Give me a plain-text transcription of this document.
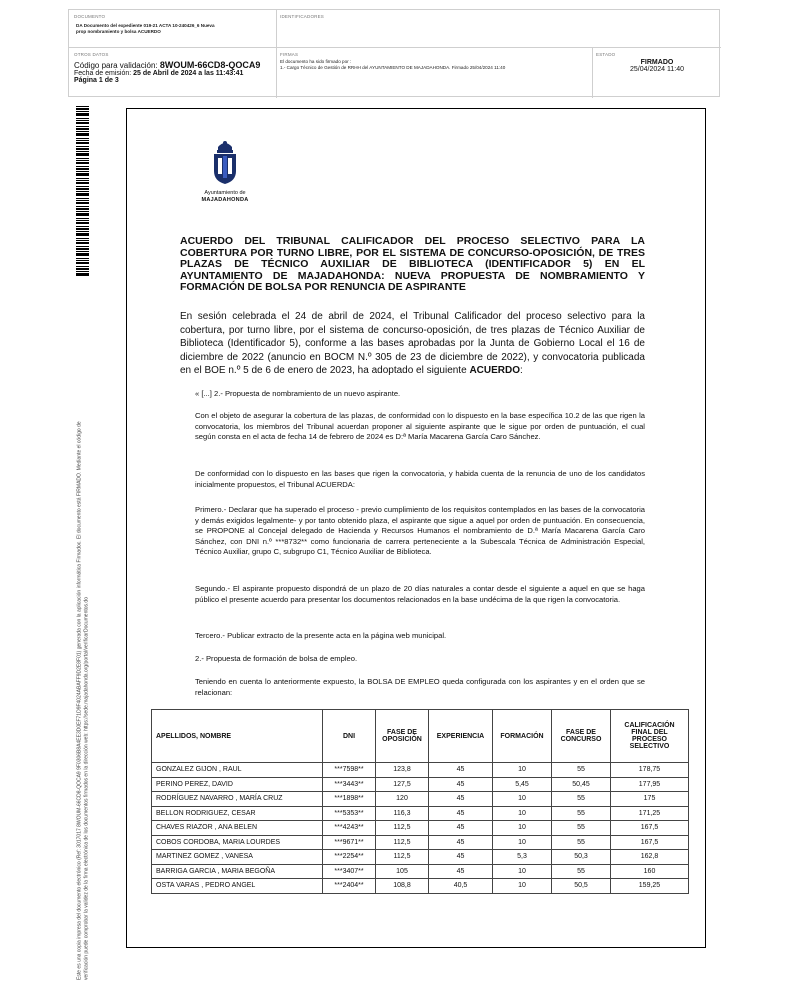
DOCUMENTO
DA Documento del expediente 019-21 ACTA 10-240426_6 Nueva prop nombramiento y bolsa ACUERDO
IDENTIFICADORES
OTROS DATOS
Código para validación: 8WOUM-66CD8-QOCA9
Fecha de emisión: 25 de Abril de 2024 a las 11:43:41
Página 1 de 3
FIRMAS
El documento ha sido firmado por :
1.- Cargo Técnico de Gestión de RRHH del AYUNTAMIENTO DE MAJADAHONDA. Firmado 25/04/2024 11:40
ESTADO
FIRMADO
25/04/2024 11:40
Este es una copia impresa del documento electrónico (Ref: 3017017 8WOUM-66CD8-QOCA9 9F0306B8A4EE3D0EF71D9F4024ABAFF9D2E8F01) generada con la aplicación informática Firmadoc. El documento está FIRMADO. Mediante el código de verificación puede comprobar la validez de la firma electrónica de los documentos firmados en la dirección web: https://sede.majadahonda.org/portal/verificarDocumentos.do
Ayuntamiento de
MAJADAHONDA
ACUERDO DEL TRIBUNAL CALIFICADOR DEL PROCESO SELECTIVO PARA LA COBERTURA POR TURNO LIBRE, POR EL SISTEMA DE CONCURSO-OPOSICIÓN, DE TRES PLAZAS DE TÉCNICO AUXILIAR DE BIBLIOTECA (IDENTIFICADOR 5) EN EL AYUNTAMIENTO DE MAJADAHONDA: NUEVA PROPUESTA DE NOMBRAMIENTO Y FORMACIÓN DE BOLSA POR RENUNCIA DE ASPIRANTE
En sesión celebrada el 24 de abril de 2024, el Tribunal Calificador del proceso selectivo para la cobertura, por turno libre, por el sistema de concurso-oposición, de tres plazas de Técnico Auxiliar de Biblioteca (Identificador 5), conforme a las bases aprobadas por la Junta de Gobierno Local el 16 de diciembre de 2022 (anuncio en BOCM N.º 305 de 23 de diciembre de 2022), y convocatoria publicada en el BOE n.º 5 de 6 de enero de 2023, ha adoptado el siguiente ACUERDO:
« [...] 2.- Propuesta de nombramiento de un nuevo aspirante.
Con el objeto de asegurar la cobertura de las plazas, de conformidad con lo dispuesto en la base específica 10.2 de las que rigen la convocatoria, los miembros del Tribunal acuerdan proponer al siguiente aspirante que le sigue por orden de puntuación, el cual según consta en el acta de fecha 14 de febrero de 2024 es D:ª María Macarena García Caro Sánchez.
De conformidad con lo dispuesto en las bases que rigen la convocatoria, y habida cuenta de la renuncia de uno de los candidatos inicialmente propuestos, el Tribunal ACUERDA:
Primero.- Declarar que ha superado el proceso - previo cumplimiento de los requisitos contemplados en las bases de la convocatoria y demás exigidos legalmente- y por tanto obtenido plaza, el aspirante que sigue a aquel por orden de puntuación. En consecuencia, se PROPONE al Concejal delegado de Hacienda y Recursos Humanos el nombramiento de D.ª María Macarena García Caro Sánchez, con DNI n.º ***8732** como funcionaria de carrera perteneciente a la Subescala Técnica de Administración Especial, Técnico Auxiliar, grupo C, subgrupo C1, Técnico Auxiliar de Biblioteca.
Segundo.- El aspirante propuesto dispondrá de un plazo de 20 días naturales a contar desde el siguiente a aquel en que se haga público el presente acuerdo para presentar los documentos relacionados en la base undécima de la que rigen la convocatoria.
Tercero.- Publicar extracto de la presente acta en la página web municipal.
2.- Propuesta de formación de bolsa de empleo.
Teniendo en cuenta lo anteriormente expuesto, la BOLSA DE EMPLEO queda configurada con los aspirantes y en el orden que se relacionan:
APELLIDOS, NOMBRE	DNI	FASE DE OPOSICIÓN	EXPERIENCIA	FORMACIÓN	FASE DE CONCURSO	CALIFICACIÓN FINAL DEL PROCESO SELECTIVO
GONZALEZ GIJON , RAUL	***7598**	123,8	45	10	55	178,75
PERINO PEREZ, DAVID	***3443**	127,5	45	5,45	50,45	177,95
RODRÍGUEZ NAVARRO , MARÍA CRUZ	***1898**	120	45	10	55	175
BELLON RODRIGUEZ, CESAR	***5353**	116,3	45	10	55	171,25
CHAVES RIAZOR , ANA BELEN	***4243**	112,5	45	10	55	167,5
COBOS CORDOBA, MARIA LOURDES	***9671**	112,5	45	10	55	167,5
MARTINEZ GOMEZ , VANESA	***2254**	112,5	45	5,3	50,3	162,8
BARRIGA GARCIA , MARIA BEGOÑA	***3407**	105	45	10	55	160
OSTA VARAS , PEDRO ANGEL	***2404**	108,8	40,5	10	50,5	159,25
